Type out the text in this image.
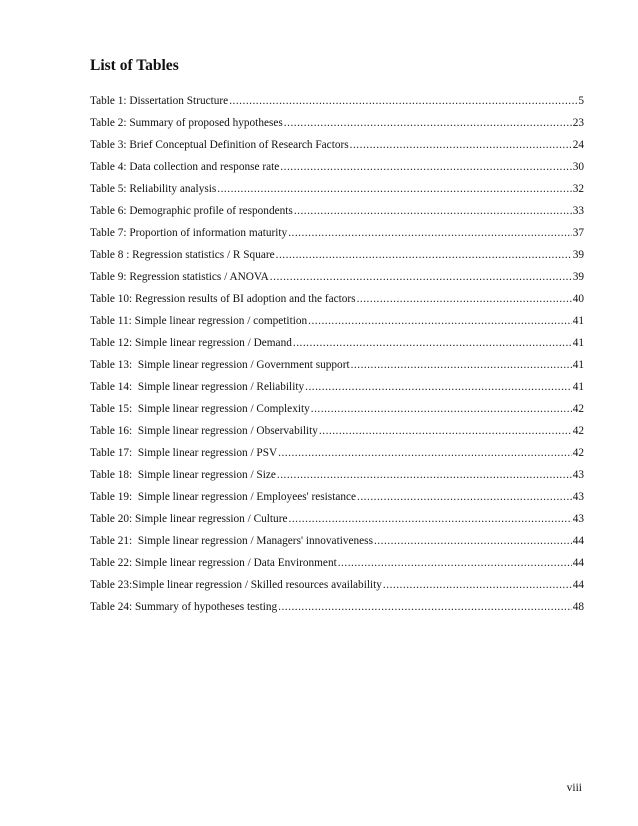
List of Tables
Table 1: Dissertation Structure .....	5
Table 2: Summary of proposed hypotheses .....	23
Table 3: Brief Conceptual Definition of Research Factors .....	24
Table 4: Data collection and response rate .....	30
Table 5: Reliability analysis .....	32
Table 6: Demographic profile of respondents .....	33
Table 7: Proportion of information maturity .....	37
Table 8 : Regression statistics / R Square .....	39
Table 9: Regression statistics / ANOVA .....	39
Table 10: Regression results of BI adoption and the factors .....	40
Table 11: Simple linear regression / competition .....	41
Table 12: Simple linear regression / Demand .....	41
Table 13:  Simple linear regression / Government support .....	41
Table 14:  Simple linear regression / Reliability .....	41
Table 15:  Simple linear regression / Complexity .....	42
Table 16:  Simple linear regression / Observability .....	42
Table 17:  Simple linear regression / PSV .....	42
Table 18:  Simple linear regression / Size .....	43
Table 19:  Simple linear regression / Employees' resistance .....	43
Table 20: Simple linear regression / Culture .....	43
Table 21:  Simple linear regression / Managers' innovativeness .....	44
Table 22: Simple linear regression / Data Environment .....	44
Table 23:Simple linear regression / Skilled resources availability .....	44
Table 24: Summary of hypotheses testing .....	48
viii
